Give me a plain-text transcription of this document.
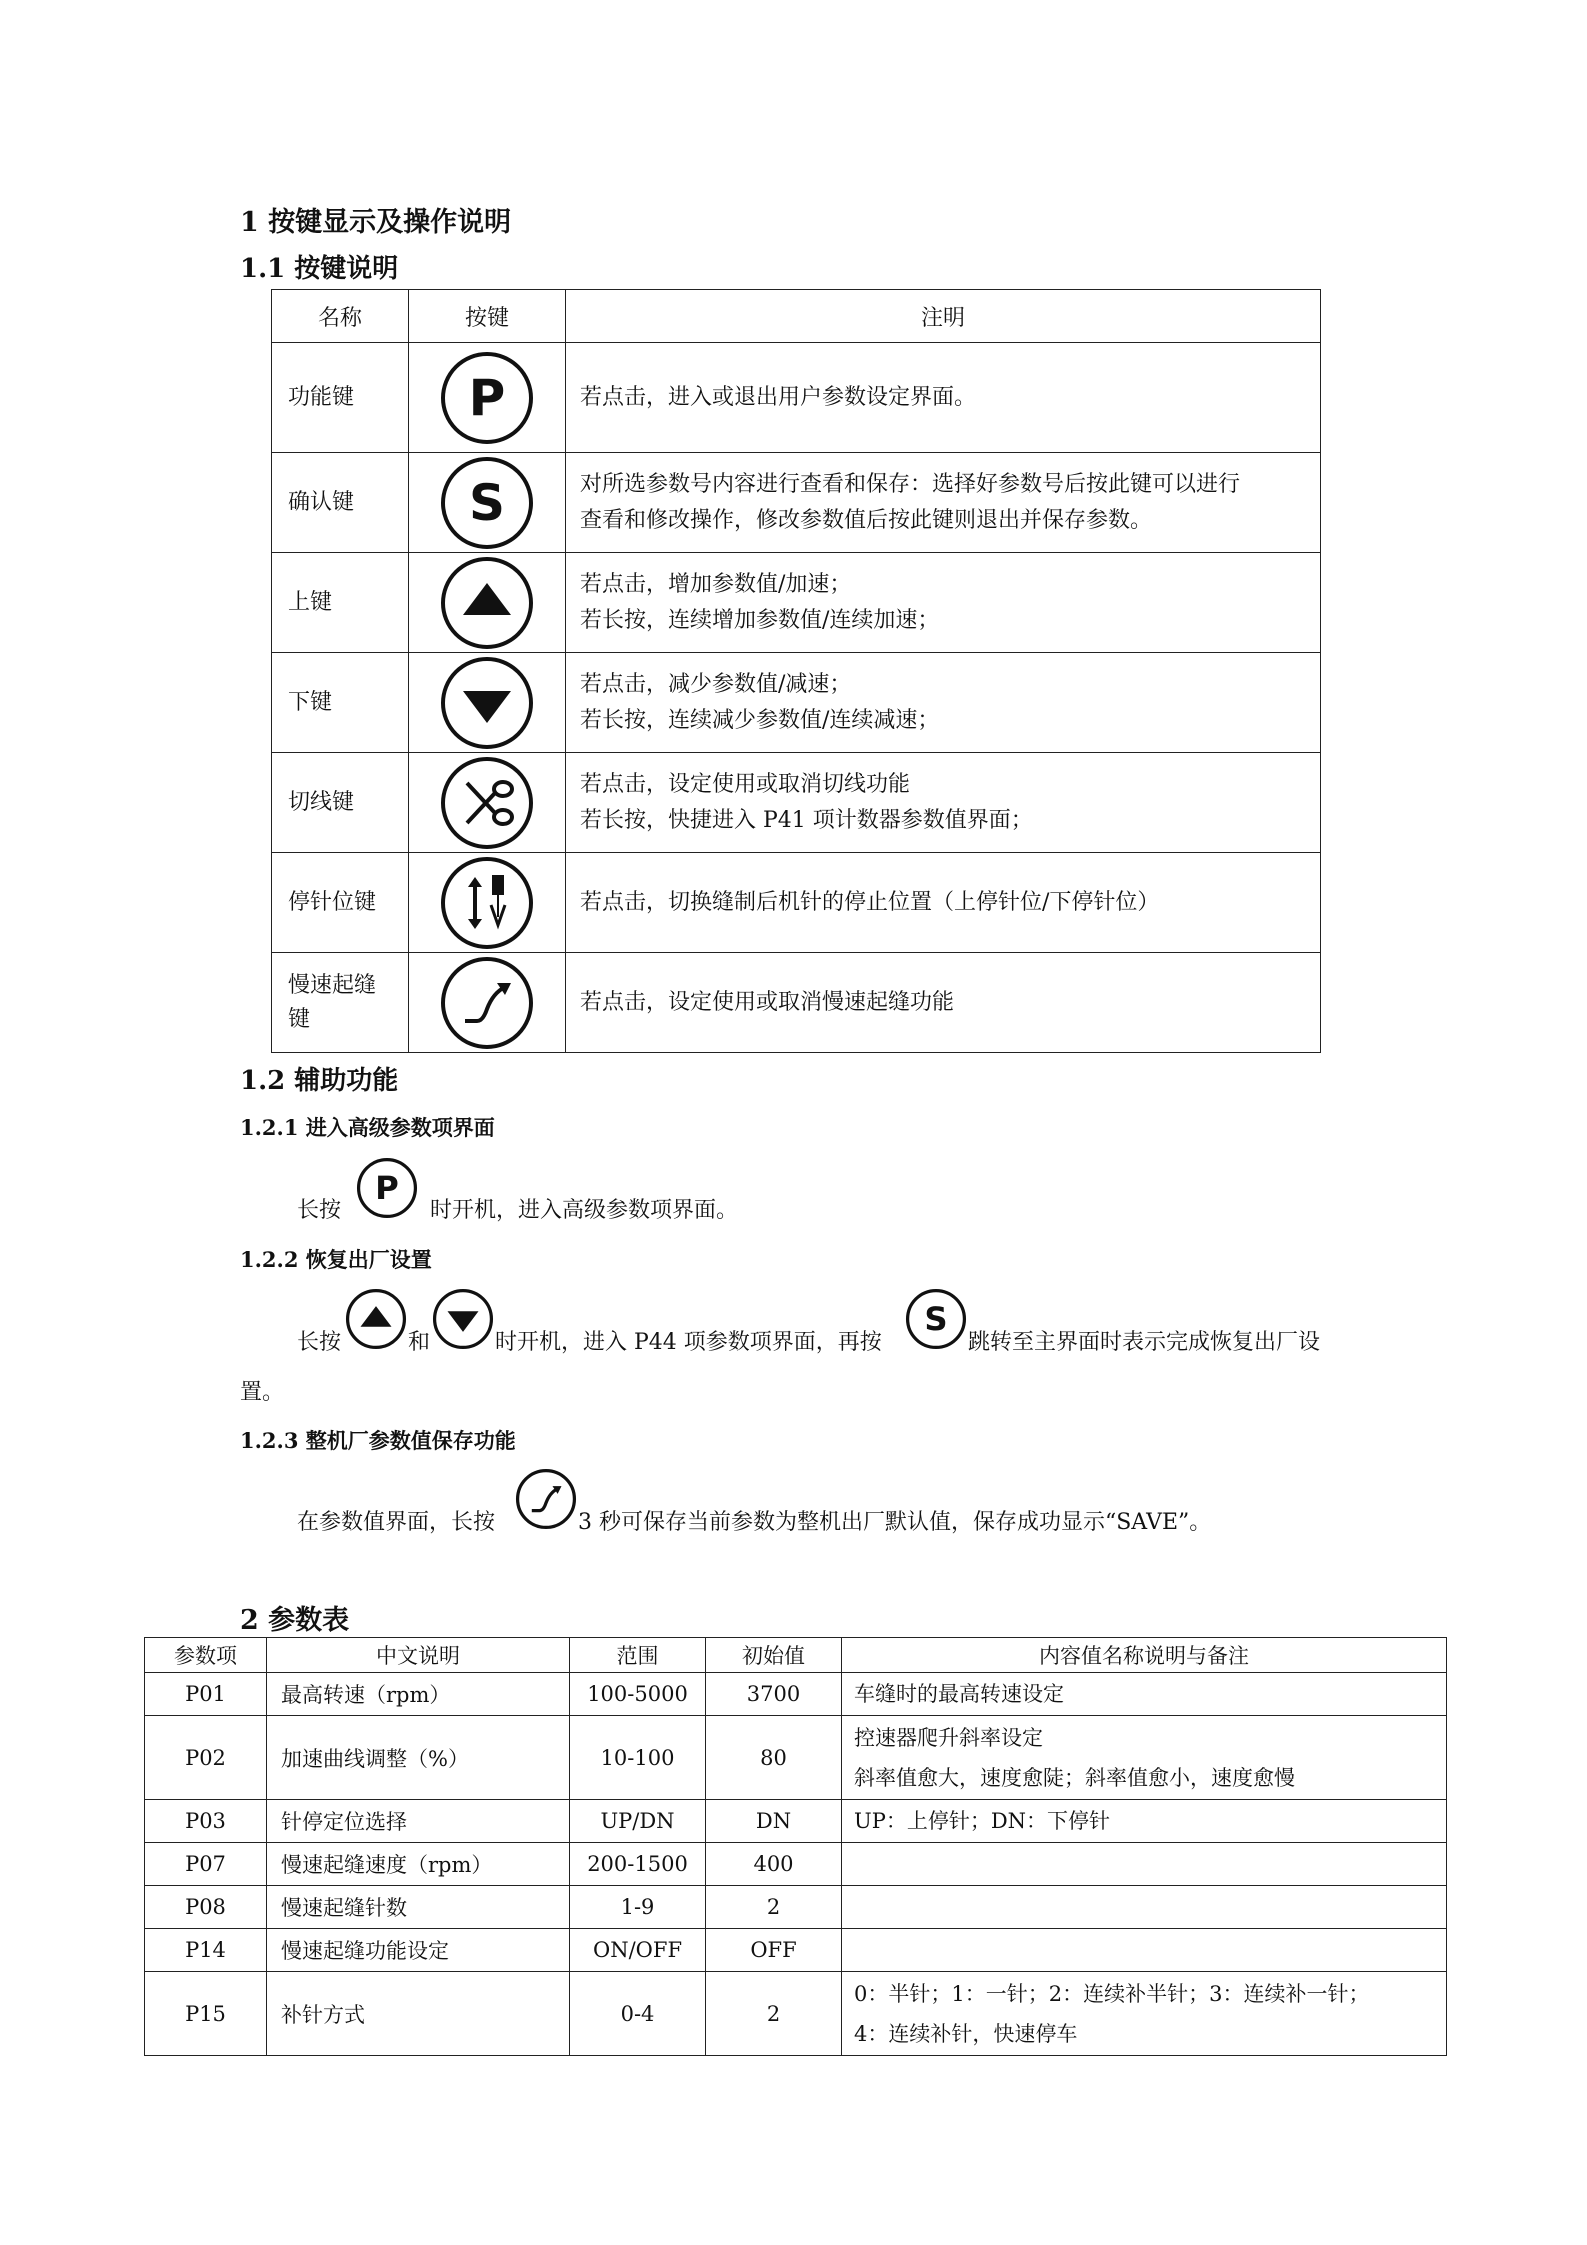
1 按键显示及操作说明
1.1 按键说明
名称	按键	注明
功能键	P	若点击，进入或退出用户参数设定界面。

确认键	S	对所选参数号内容进行查看和保存：选择好参数号后按此键可以进行
查看和修改操作，修改参数值后按此键则退出并保存参数。

上键		若点击，增加参数值/加速；
若长按，连续增加参数值/连续加速；

下键		若点击，减少参数值/减速；
若长按，连续减少参数值/连续减速；

切线键		若点击，设定使用或取消切线功能
若长按，快捷进入 P41 项计数器参数值界面；

停针位键		若点击，切换缝制后机针的停止位置（上停针位/下停针位）

慢速起缝
键		若点击，设定使用或取消慢速起缝功能
1.2 辅助功能
1.2.1 进入高级参数项界面
长按
P
时开机，进入高级参数项界面。
1.2.2 恢复出厂设置
长按	和	时开机，进入 P44 项参数项界面，再按
S
跳转至主界面时表示完成恢复出厂设
置。
1.2.3 整机厂参数值保存功能
在参数值界面，长按	3 秒可保存当前参数为整机出厂默认值，保存成功显示“SAVE”。
2 参数表
参数项	中文说明	范围	初始值	内容值名称说明与备注
P01	最高转速（rpm）	100-5000	3700	车缝时的最高转速设定
P02	加速曲线调整（%）	10-100	80	控速器爬升斜率设定
斜率值愈大，速度愈陡；斜率值愈小，速度愈慢

P03	针停定位选择	UP/DN	DN	UP：上停针；DN：下停针
P07	慢速起缝速度（rpm）	200-1500	400	
P08	慢速起缝针数	1-9	2	
P14	慢速起缝功能设定	ON/OFF	OFF	
P15	补针方式	0-4	2	0：半针；1：一针；2：连续补半针；3：连续补一针；
4：连续补针，快速停车
